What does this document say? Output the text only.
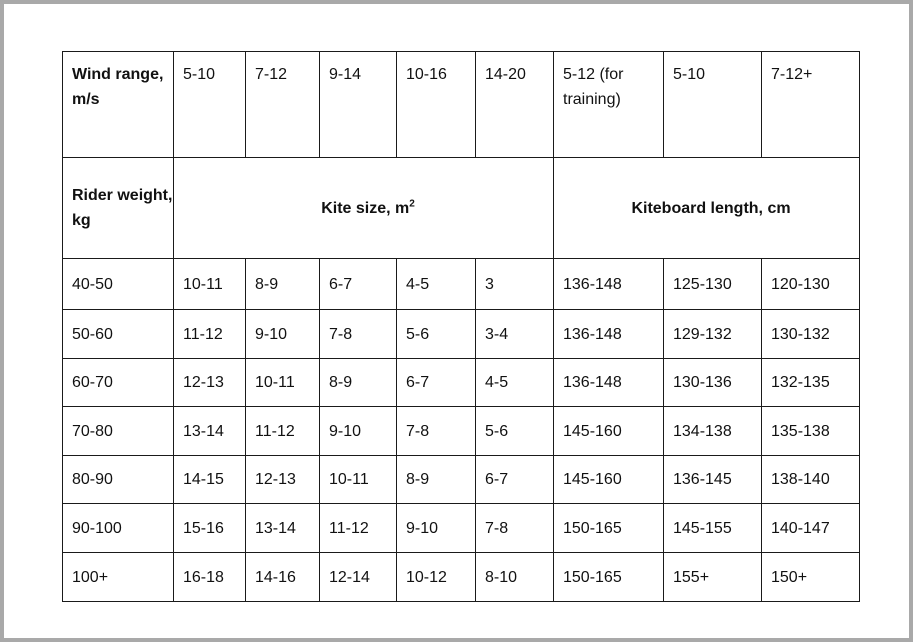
Wind range, m/s	5-10	7-12	9-14	10-16	14-20	5-12 (for training)	5-10	7-12+
Rider weight, kg	Kite size, $m^2$					Kiteboard length, cm		
40-50	10-11	8-9	6-7	4-5	3	136-148	125-130	120-130
50-60	11-12	9-10	7-8	5-6	3-4	136-148	129-132	130-132
60-70	12-13	10-11	8-9	6-7	4-5	136-148	130-136	132-135
70-80	13-14	11-12	9-10	7-8	5-6	145-160	134-138	135-138
80-90	14-15	12-13	10-11	8-9	6-7	145-160	136-145	138-140
90-100	15-16	13-14	11-12	9-10	7-8	150-165	145-155	140-147
100+	16-18	14-16	12-14	10-12	8-10	150-165	155+	150+
